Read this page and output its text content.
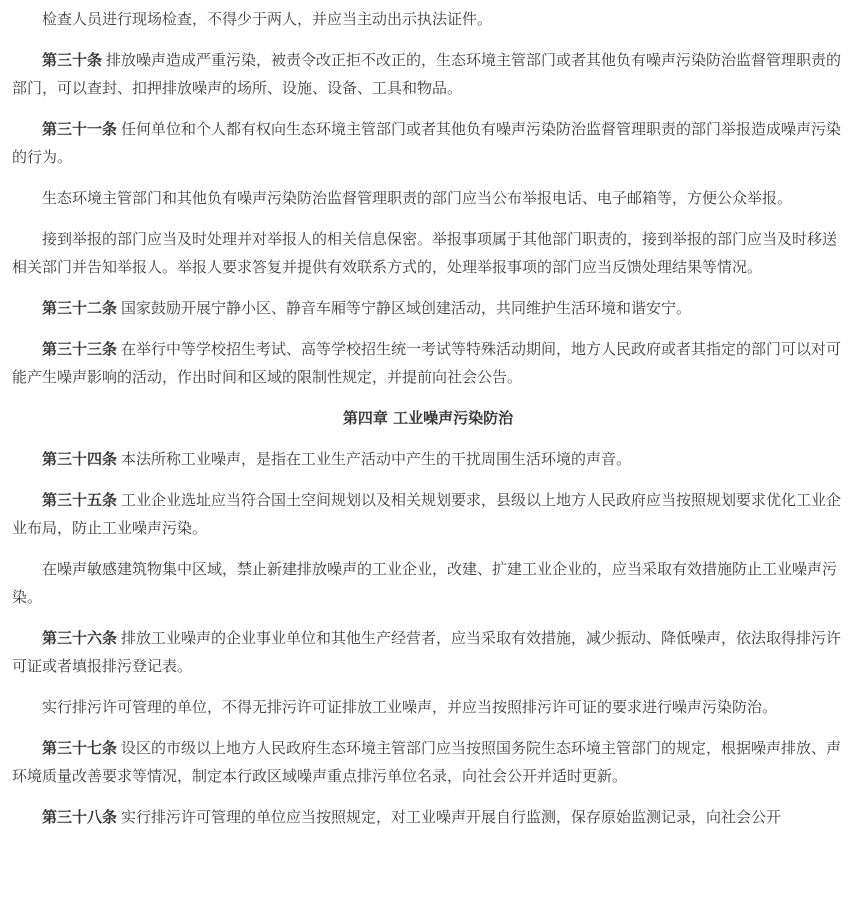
检查人员进行现场检查，不得少于两人，并应当主动出示执法证件。

第三十条 排放噪声造成严重污染，被责令改正拒不改正的，生态环境主管部门或者其他负有噪声污染防治监督管理职责的部门，可以查封、扣押排放噪声的场所、设施、设备、工具和物品。

第三十一条 任何单位和个人都有权向生态环境主管部门或者其他负有噪声污染防治监督管理职责的部门举报造成噪声污染的行为。

生态环境主管部门和其他负有噪声污染防治监督管理职责的部门应当公布举报电话、电子邮箱等，方便公众举报。

接到举报的部门应当及时处理并对举报人的相关信息保密。举报事项属于其他部门职责的，接到举报的部门应当及时移送相关部门并告知举报人。举报人要求答复并提供有效联系方式的，处理举报事项的部门应当反馈处理结果等情况。

第三十二条 国家鼓励开展宁静小区、静音车厢等宁静区域创建活动，共同维护生活环境和谐安宁。

第三十三条 在举行中等学校招生考试、高等学校招生统一考试等特殊活动期间，地方人民政府或者其指定的部门可以对可能产生噪声影响的活动，作出时间和区域的限制性规定，并提前向社会公告。

第四章 工业噪声污染防治

第三十四条 本法所称工业噪声，是指在工业生产活动中产生的干扰周围生活环境的声音。

第三十五条 工业企业选址应当符合国土空间规划以及相关规划要求，县级以上地方人民政府应当按照规划要求优化工业企业布局，防止工业噪声污染。

在噪声敏感建筑物集中区域，禁止新建排放噪声的工业企业，改建、扩建工业企业的，应当采取有效措施防止工业噪声污染。

第三十六条 排放工业噪声的企业事业单位和其他生产经营者，应当采取有效措施，减少振动、降低噪声，依法取得排污许可证或者填报排污登记表。

实行排污许可管理的单位，不得无排污许可证排放工业噪声，并应当按照排污许可证的要求进行噪声污染防治。

第三十七条 设区的市级以上地方人民政府生态环境主管部门应当按照国务院生态环境主管部门的规定，根据噪声排放、声环境质量改善要求等情况，制定本行政区域噪声重点排污单位名录，向社会公开并适时更新。

第三十八条 实行排污许可管理的单位应当按照规定，对工业噪声开展自行监测，保存原始监测记录，向社会公开
